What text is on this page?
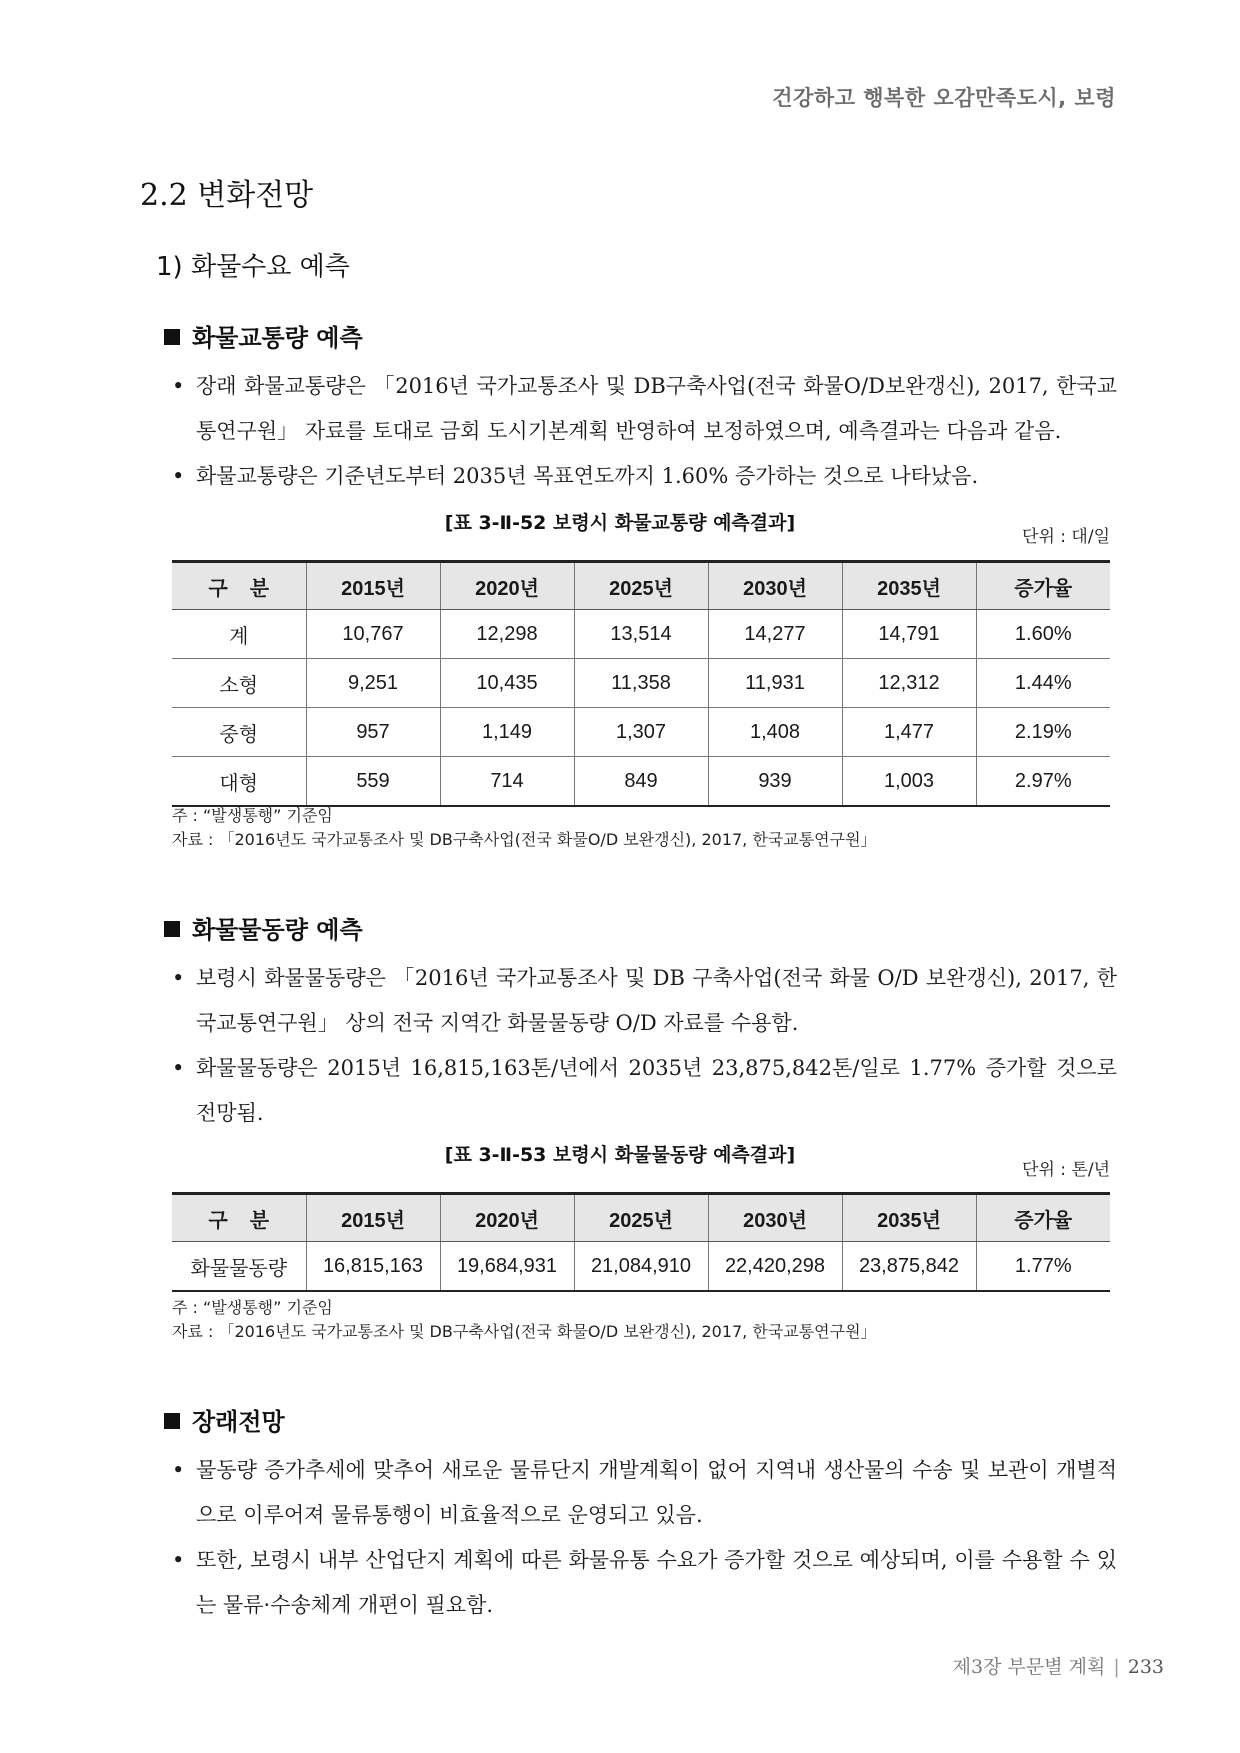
건강하고 행복한 오감만족도시, 보령
2.2 변화전망
1) 화물수요 예측
화물교통량 예측
• 장래 화물교통량은 「2016년 국가교통조사 및 DB구축사업(전국 화물O/D보완갱신), 2017, 한국교통연구원」 자료를 토대로 금회 도시기본계획 반영하여 보정하였으며, 예측결과는 다음과 같음.
• 화물교통량은 기준년도부터 2035년 목표연도까지 1.60% 증가하는 것으로 나타났음.
[표 3-Ⅱ-52 보령시 화물교통량 예측결과]
단위 : 대/일
구분	2015년	2020년	2025년	2030년	2035년	증가율
계	10,767	12,298	13,514	14,277	14,791	1.60%
소형	9,251	10,435	11,358	11,931	12,312	1.44%
중형	957	1,149	1,307	1,408	1,477	2.19%
대형	559	714	849	939	1,003	2.97%
주 : “발생통행” 기준임
자료 : 「2016년도 국가교통조사 및 DB구축사업(전국 화물O/D 보완갱신), 2017, 한국교통연구원」
화물물동량 예측
• 보령시 화물물동량은 「2016년 국가교통조사 및 DB 구축사업(전국 화물 O/D 보완갱신), 2017, 한국교통연구원」 상의 전국 지역간 화물물동량 O/D 자료를 수용함.
• 화물물동량은 2015년 16,815,163톤/년에서 2035년 23,875,842톤/일로 1.77% 증가할 것으로 전망됨.
[표 3-Ⅱ-53 보령시 화물물동량 예측결과]
단위 : 톤/년
구분	2015년	2020년	2025년	2030년	2035년	증가율
화물물동량	16,815,163	19,684,931	21,084,910	22,420,298	23,875,842	1.77%
주 : “발생통행” 기준임
자료 : 「2016년도 국가교통조사 및 DB구축사업(전국 화물O/D 보완갱신), 2017, 한국교통연구원」
장래전망
• 물동량 증가추세에 맞추어 새로운 물류단지 개발계획이 없어 지역내 생산물의 수송 및 보관이 개별적으로 이루어져 물류통행이 비효율적으로 운영되고 있음.
• 또한, 보령시 내부 산업단지 계획에 따른 화물유통 수요가 증가할 것으로 예상되며, 이를 수용할 수 있는 물류·수송체계 개편이 필요함.
제3장 부문별 계획 | 233
